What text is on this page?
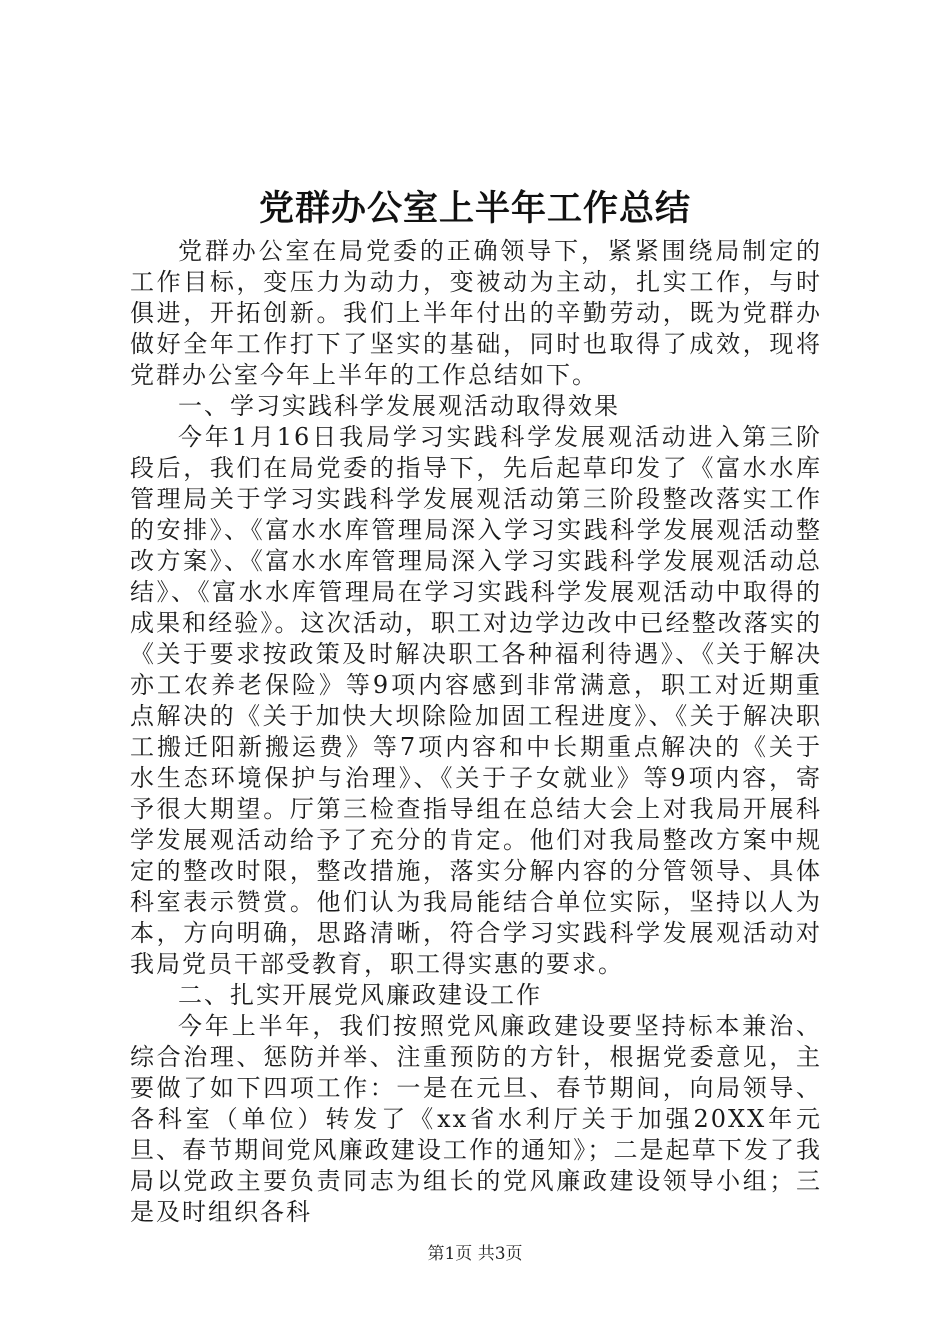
党群办公室上半年工作总结

党群办公室在局党委的正确领导下，紧紧围绕局制定的工作目标，变压力为动力，变被动为主动，扎实工作，与时俱进，开拓创新。我们上半年付出的辛勤劳动，既为党群办做好全年工作打下了坚实的基础，同时也取得了成效，现将党群办公室今年上半年的工作总结如下。

一、学习实践科学发展观活动取得效果

今年1月16日我局学习实践科学发展观活动进入第三阶段后，我们在局党委的指导下，先后起草印发了《富水水库管理局关于学习实践科学发展观活动第三阶段整改落实工作的安排》、《富水水库管理局深入学习实践科学发展观活动整改方案》、《富水水库管理局深入学习实践科学发展观活动总结》、《富水水库管理局在学习实践科学发展观活动中取得的成果和经验》。这次活动，职工对边学边改中已经整改落实的《关于要求按政策及时解决职工各种福利待遇》、《关于解决亦工农养老保险》等9项内容感到非常满意，职工对近期重点解决的《关于加快大坝除险加固工程进度》、《关于解决职工搬迁阳新搬运费》等7项内容和中长期重点解决的《关于水生态环境保护与治理》、《关于子女就业》等9项内容，寄予很大期望。厅第三检查指导组在总结大会上对我局开展科学发展观活动给予了充分的肯定。他们对我局整改方案中规定的整改时限，整改措施，落实分解内容的分管领导、具体科室表示赞赏。他们认为我局能结合单位实际，坚持以人为本，方向明确，思路清晰，符合学习实践科学发展观活动对我局党员干部受教育，职工得实惠的要求。

二、扎实开展党风廉政建设工作

今年上半年，我们按照党风廉政建设要坚持标本兼治、综合治理、惩防并举、注重预防的方针，根据党委意见，主要做了如下四项工作：一是在元旦、春节期间，向局领导、各科室（单位）转发了《xx省水利厅关于加强20XX年元旦、春节期间党风廉政建设工作的通知》；二是起草下发了我局以党政主要负责同志为组长的党风廉政建设领导小组；三是及时组织各科

第1页 共3页
